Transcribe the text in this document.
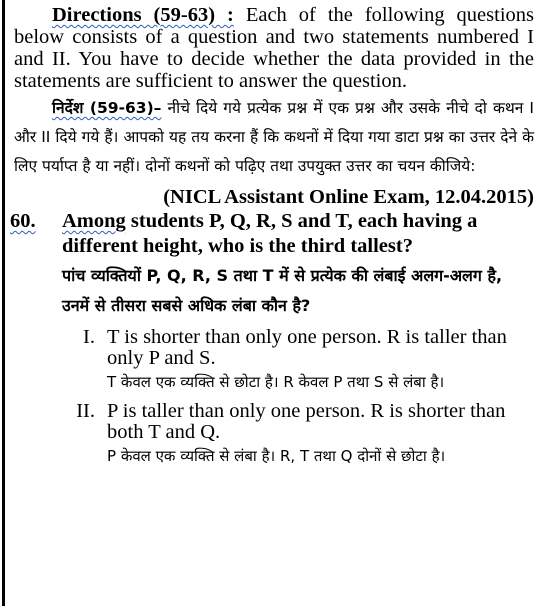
Directions (59-63) : Each of the following questions below consists of a question and two statements numbered I and II. You have to decide whether the data provided in the statements are sufficient to answer the question.

निर्देश (59-63)– नीचे दिये गये प्रत्येक प्रश्न में एक प्रश्न और उसके नीचे दो कथन I और II दिये गये हैं। आपको यह तय करना हैं कि कथनों में दिया गया डाटा प्रश्न का उत्तर देने के लिए पर्याप्त है या नहीं। दोनों कथनों को पढ़िए तथा उपयुक्त उत्तर का चयन कीजिये:

(NICL Assistant Online Exam, 12.04.2015)
60.	Among students P, Q, R, S and T, each having a different height, who is the third tallest?
पांच व्यक्तियों P, Q, R, S तथा T में से प्रत्येक की लंबाई अलग-अलग है, उनमें से तीसरा सबसे अधिक लंबा कौन है?
I. T is shorter than only one person. R is taller than only P and S.
T केवल एक व्यक्ति से छोटा है। R केवल P तथा S से लंबा है।
II. P is taller than only one person. R is shorter than both T and Q.
P केवल एक व्यक्ति से लंबा है। R, T तथा Q दोनों से छोटा है।
